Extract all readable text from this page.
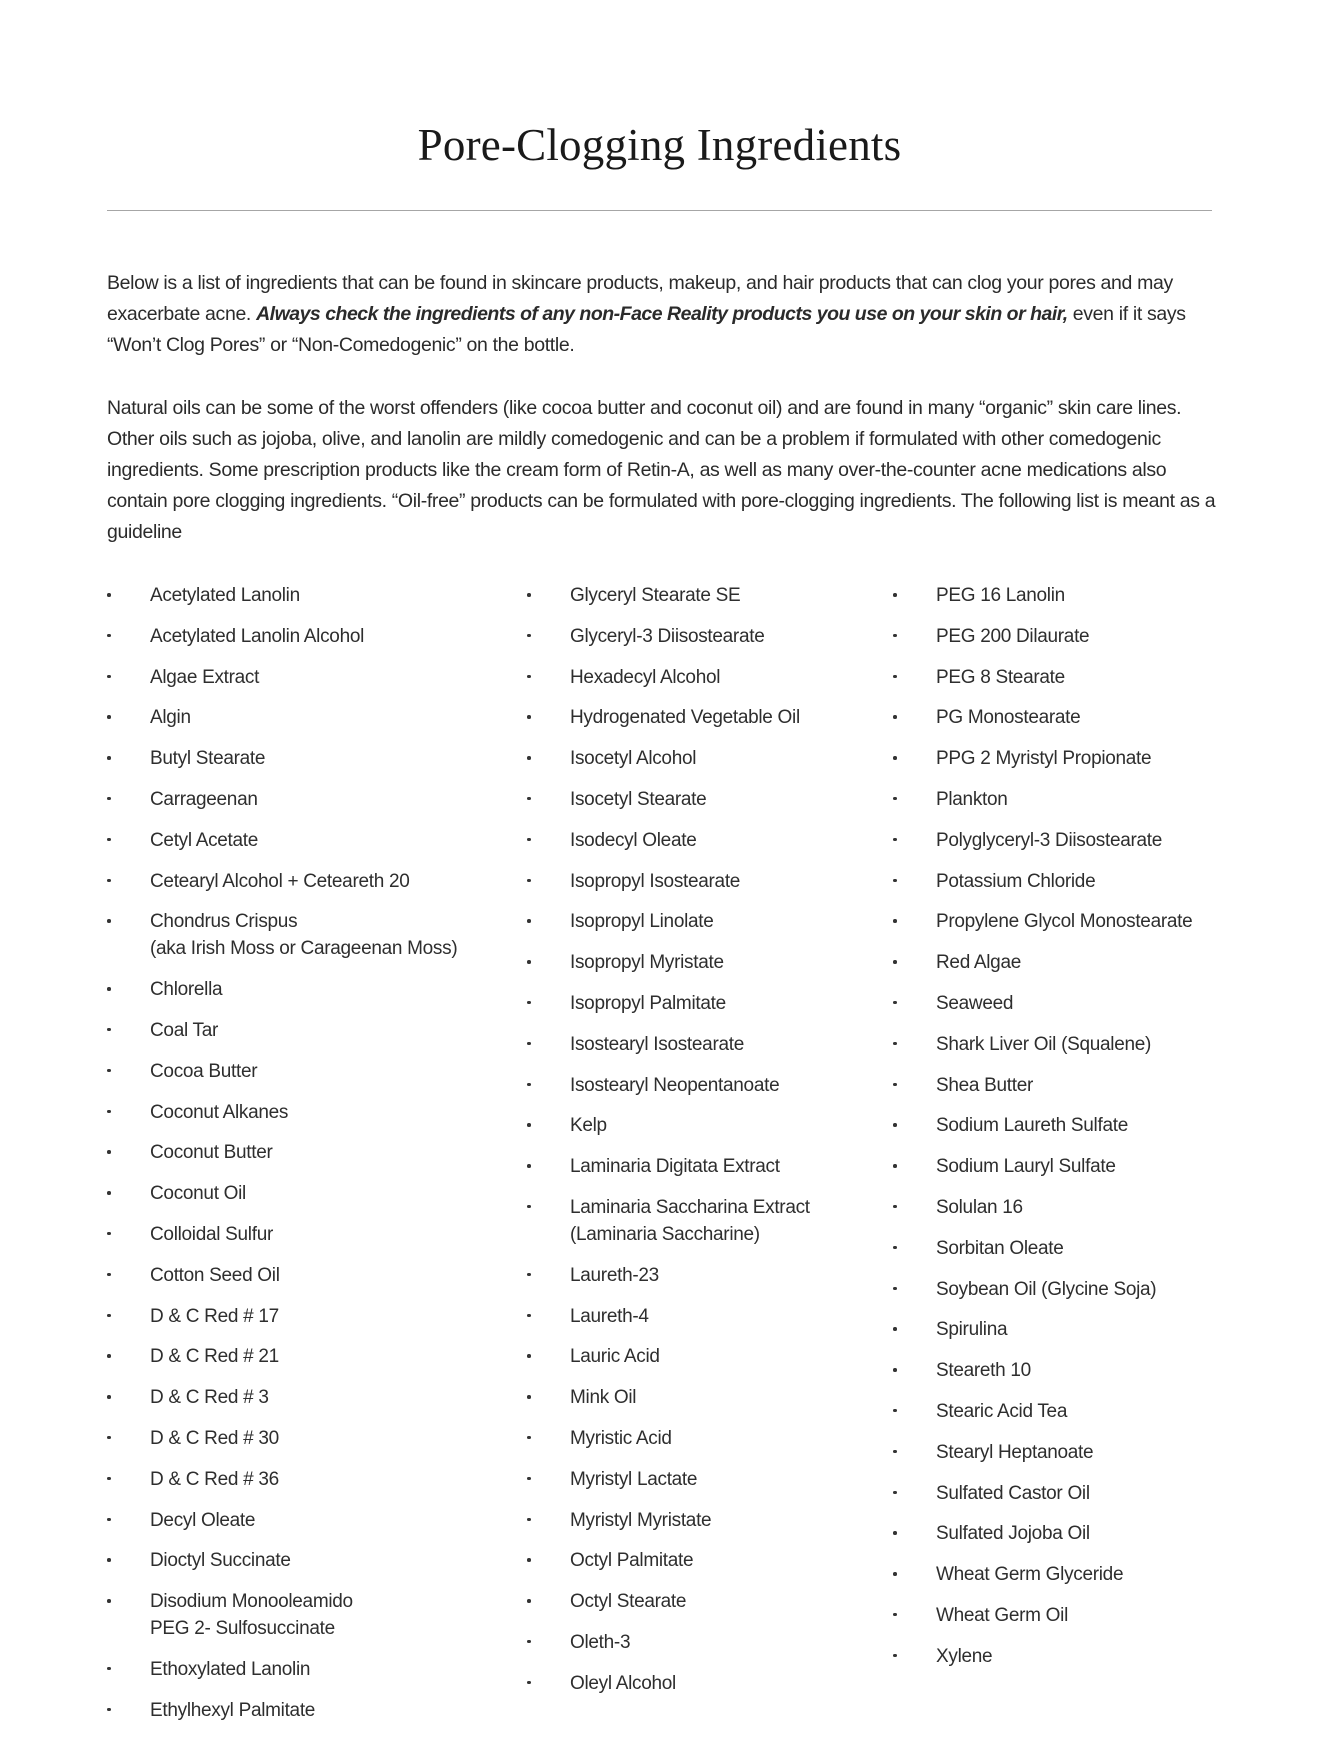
Pore-Clogging Ingredients

Below is a list of ingredients that can be found in skincare products, makeup, and hair products that can clog your pores and may exacerbate acne. Always check the ingredients of any non-Face Reality products you use on your skin or hair, even if it says “Won’t Clog Pores” or “Non-Comedogenic” on the bottle.

Natural oils can be some of the worst offenders (like cocoa butter and coconut oil) and are found in many “organic” skin care lines. Other oils such as jojoba, olive, and lanolin are mildly comedogenic and can be a problem if formulated with other comedogenic ingredients. Some prescription products like the cream form of Retin-A, as well as many over-the-counter acne medications also contain pore clogging ingredients. “Oil-free” products can be formulated with pore-clogging ingredients. The following list is meant as a guideline

Acetylated Lanolin
Acetylated Lanolin Alcohol
Algae Extract
Algin
Butyl Stearate
Carrageenan
Cetyl Acetate
Cetearyl Alcohol + Ceteareth 20
Chondrus Crispus
(aka Irish Moss or Carageenan Moss)
Chlorella
Coal Tar
Cocoa Butter
Coconut Alkanes
Coconut Butter
Coconut Oil
Colloidal Sulfur
Cotton Seed Oil
D & C Red # 17
D & C Red # 21
D & C Red # 3
D & C Red # 30
D & C Red # 36
Decyl Oleate
Dioctyl Succinate
Disodium Monooleamido
PEG 2- Sulfosuccinate
Ethoxylated Lanolin
Ethylhexyl Palmitate
Glyceryl Stearate SE
Glyceryl-3 Diisostearate
Hexadecyl Alcohol
Hydrogenated Vegetable Oil
Isocetyl Alcohol
Isocetyl Stearate
Isodecyl Oleate
Isopropyl Isostearate
Isopropyl Linolate
Isopropyl Myristate
Isopropyl Palmitate
Isostearyl Isostearate
Isostearyl Neopentanoate
Kelp
Laminaria Digitata Extract
Laminaria Saccharina Extract
(Laminaria Saccharine)
Laureth-23
Laureth-4
Lauric Acid
Mink Oil
Myristic Acid
Myristyl Lactate
Myristyl Myristate
Octyl Palmitate
Octyl Stearate
Oleth-3
Oleyl Alcohol
PEG 16 Lanolin
PEG 200 Dilaurate
PEG 8 Stearate
PG Monostearate
PPG 2 Myristyl Propionate
Plankton
Polyglyceryl-3 Diisostearate
Potassium Chloride
Propylene Glycol Monostearate
Red Algae
Seaweed
Shark Liver Oil (Squalene)
Shea Butter
Sodium Laureth Sulfate
Sodium Lauryl Sulfate
Solulan 16
Sorbitan Oleate
Soybean Oil (Glycine Soja)
Spirulina
Steareth 10
Stearic Acid Tea
Stearyl Heptanoate
Sulfated Castor Oil
Sulfated Jojoba Oil
Wheat Germ Glyceride
Wheat Germ Oil
Xylene
